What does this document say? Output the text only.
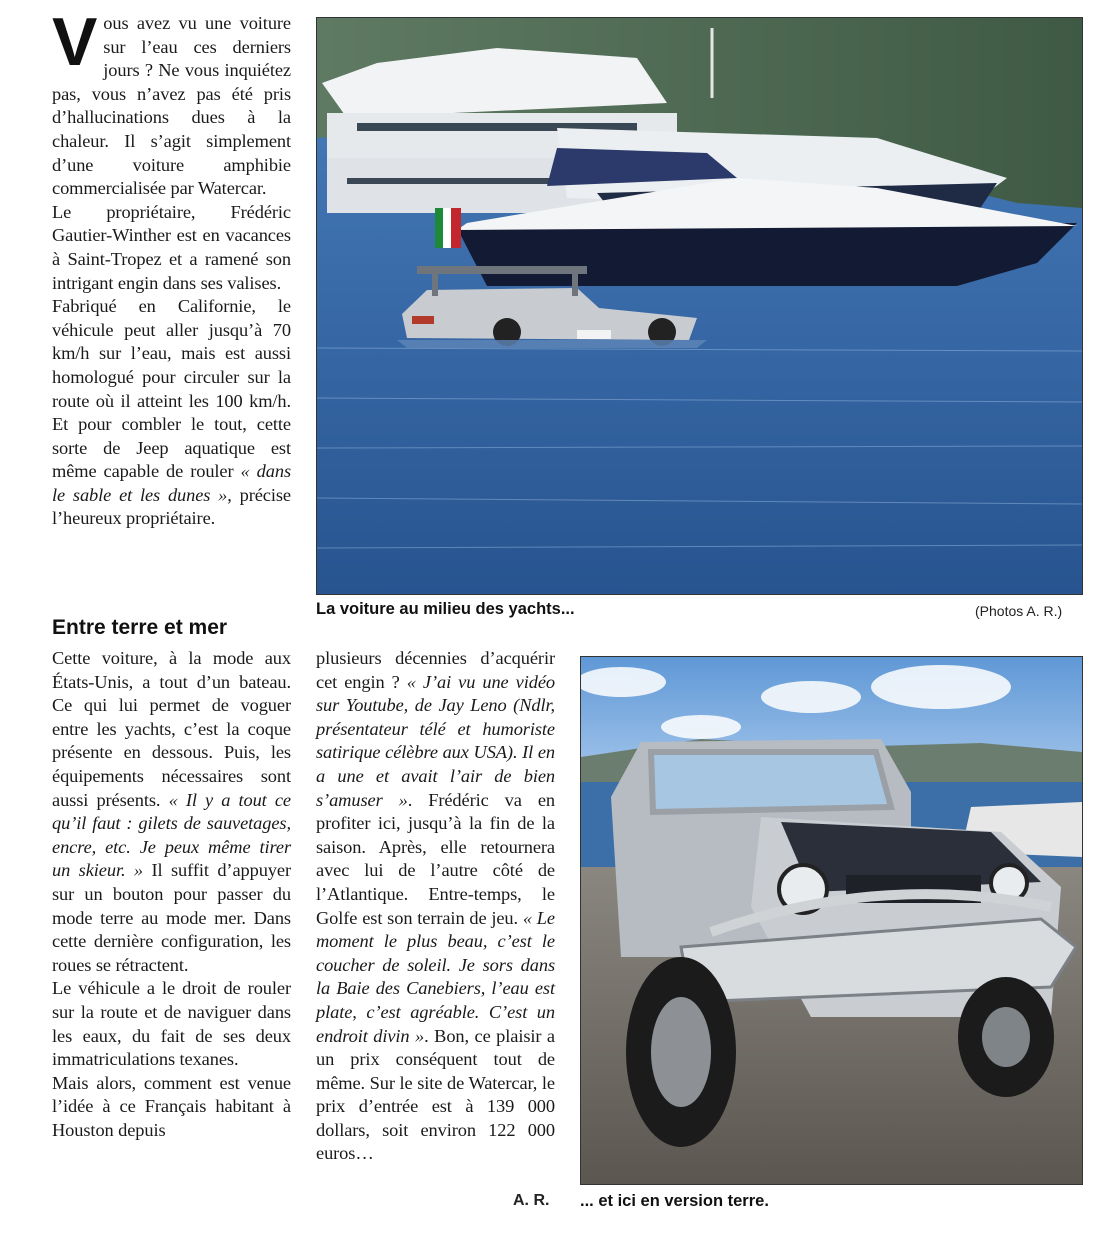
Vous avez vu une voiture sur l’eau ces derniers jours ? Ne vous inquiétez pas, vous n’avez pas été pris d’hallucinations dues à la chaleur. Il s’agit simplement d’une voiture amphibie commercialisée par Watercar.

Le propriétaire, Frédéric Gautier-Winther est en vacances à Saint-Tropez et a ramené son intrigant engin dans ses valises.

Fabriqué en Californie, le véhicule peut aller jusqu’à 70 km/h sur l’eau, mais est aussi homologué pour circuler sur la route où il atteint les 100 km/h. Et pour combler le tout, cette sorte de Jeep aquatique est même capable de rouler « dans le sable et les dunes », précise l’heureux propriétaire.

Entre terre et mer

Cette voiture, à la mode aux États-Unis, a tout d’un bateau. Ce qui lui permet de voguer entre les yachts, c’est la coque présente en dessous. Puis, les équipements nécessaires sont aussi présents. « Il y a tout ce qu’il faut : gilets de sauvetages, encre, etc. Je peux même tirer un skieur. » Il suffit d’appuyer sur un bouton pour passer du mode terre au mode mer. Dans cette dernière configuration, les roues se rétractent.

Le véhicule a le droit de rouler sur la route et de naviguer dans les eaux, du fait de ses deux immatriculations texanes.

Mais alors, comment est venue l’idée à ce Français habitant à Houston depuis

plusieurs décennies d’acquérir cet engin ? « J’ai vu une vidéo sur Youtube, de Jay Leno (Ndlr, présentateur télé et humoriste satirique célèbre aux USA). Il en a une et avait l’air de bien s’amuser ». Frédéric va en profiter ici, jusqu’à la fin de la saison. Après, elle retournera avec lui de l’autre côté de l’Atlantique. Entre-temps, le Golfe est son terrain de jeu. « Le moment le plus beau, c’est le coucher de soleil. Je sors dans la Baie des Canebiers, l’eau est plate, c’est agréable. C’est un endroit divin ». Bon, ce plaisir a un prix conséquent tout de même. Sur le site de Watercar, le prix d’entrée est à 139 000 dollars, soit environ 122 000 euros…

A. R.
La voiture au milieu des yachts...	(Photos A. R.)
... et ici en version terre.
